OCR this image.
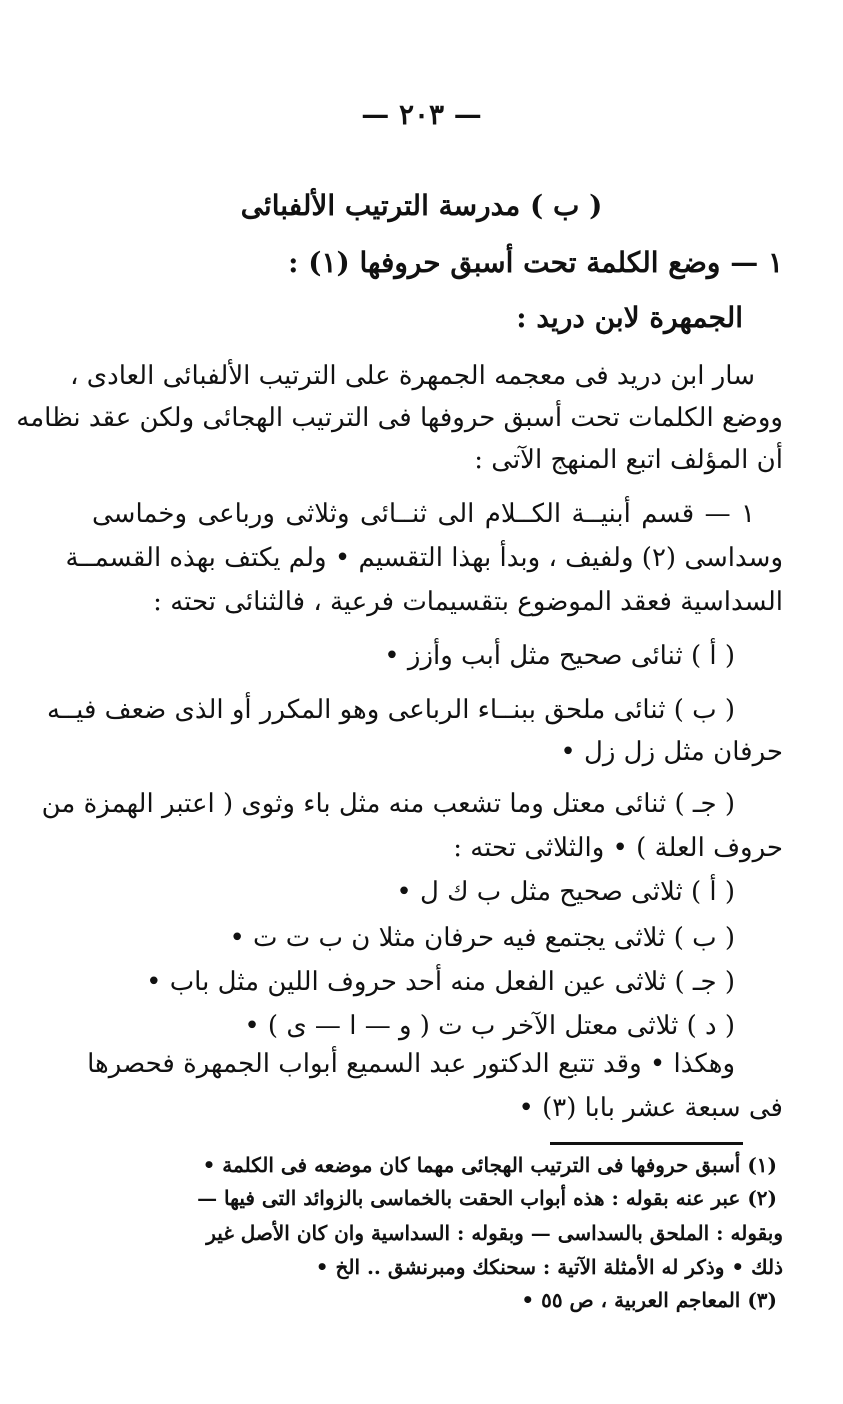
— ٢٠٣ —
( ب ) مدرسة الترتيب الألفبائى
١ — وضع الكلمة تحت أسبق حروفها (١) :
الجمهرة لابن دريد :
سار ابن دريد فى معجمه الجمهرة على الترتيب الألفبائى العادى ،
ووضع الكلمات تحت أسبق حروفها فى الترتيب الهجائى ولكن عقد نظامه
أن المؤلف اتبع المنهج الآتى :
١ — قسم أبنيــة الكــلام الى ثنــائى وثلاثى ورباعى وخماسى
وسداسى (٢) ولفيف ، وبدأ بهذا التقسيم • ولم يكتف بهذه القسمــة
السداسية فعقد الموضوع بتقسيمات فرعية ، فالثنائى تحته :
( أ ) ثنائى صحيح مثل أبب وأزز •
( ب ) ثنائى ملحق ببنــاء الرباعى وهو المكرر أو الذى ضعف فيــه
حرفان مثل زل زل •
( جـ ) ثنائى معتل وما تشعب منه مثل باء وثوى ( اعتبر الهمزة من
حروف العلة ) • والثلاثى تحته :
( أ ) ثلاثى صحيح مثل ب ك ل •
( ب ) ثلاثى يجتمع فيه حرفان مثلا ن ب ت ت •
( جـ ) ثلاثى عين الفعل منه أحد حروف اللين مثل باب •
( د ) ثلاثى معتل الآخر ب ت ( و — ا — ى ) •
وهكذا • وقد تتبع الدكتور عبد السميع أبواب الجمهرة فحصرها
فى سبعة عشر بابا (٣) •
(١) أسبق حروفها فى الترتيب الهجائى مهما كان موضعه فى الكلمة •
(٢) عبر عنه بقوله : هذه أبواب الحقت بالخماسى بالزوائد التى فيها —
وبقوله : الملحق بالسداسى — وبقوله : السداسية وان كان الأصل غير
ذلك • وذكر له الأمثلة الآتية : سحنكك ومبرنشق .. الخ •
(٣) المعاجم العربية ، ص ٥٥ •
